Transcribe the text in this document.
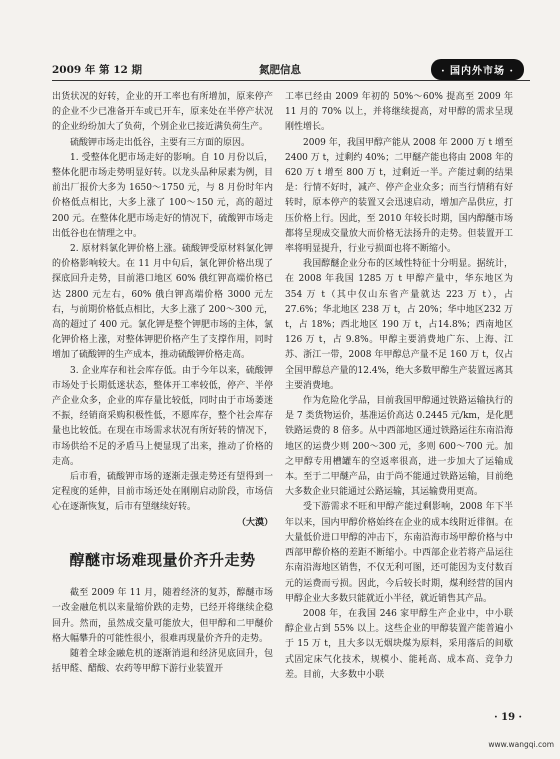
2009 年 第 12 期	氮肥信息	· 国内外市场 ·

出货状况的好转，企业的开工率也有所增加，原来停产的企业不少已准备开车或已开车，原来处在半停产状况的企业纷纷加大了负荷，个别企业已接近满负荷生产。

硫酸钾市场走出低谷，主要有三方面的原因。

1. 受整体化肥市场走好的影响。自 10 月份以后，整体化肥市场走势明显好转。以龙头品种尿素为例，目前出厂报价大多为 1650～1750 元，与 8 月份时年内价格低点相比，大多上涨了 100～150 元，高的超过 200 元。在整体化肥市场走好的情况下，硫酸钾市场走出低谷也在情理之中。

2. 原材料氯化钾价格上涨。硫酸钾受原材料氯化钾的价格影响较大。在 11 月中旬后，氯化钾价格出现了探底回升走势，目前港口地区 60% 俄红钾高端价格已达 2800 元左右，60% 俄白钾高端价格 3000 元左右，与前期价格低点相比，大多上涨了 200～300 元，高的超过了 400 元。氯化钾是整个钾肥市场的主体，氯化钾价格上涨，对整体钾肥价格产生了支撑作用，同时增加了硫酸钾的生产成本，推动硫酸钾价格走高。

3. 企业库存和社会库存低。由于今年以来，硫酸钾市场处于长期低迷状态，整体开工率较低，停产、半停产企业众多，企业的库存量比较低，同时由于市场萎迷不振，经销商采购积极性低，不愿库存，整个社会库存量也比较低。在现在市场需求状况有所好转的情况下，市场供给不足的矛盾马上便显现了出来，推动了价格的走高。

后市看，硫酸钾市场的逐渐走强走势还有望得到一定程度的延伸，目前市场还处在刚刚启动阶段，市场信心在逐渐恢复，后市有望继续好转。

（大漠）

醇醚市场难现量价齐升走势

截至 2009 年 11 月，随着经济的复苏，醇醚市场一改金融危机以来量缩价跌的走势，已经开将继续企稳回升。然而，虽然成交量可能放大，但甲醇和二甲醚价格大幅攀升的可能性很小，很难再现量价齐升的走势。

随着全球金融危机的逐渐消退和经济见底回升，包括甲醛、醋酸、农药等甲醇下游行业装置开

工率已经由 2009 年初的 50%～60% 提高至 2009 年 11 月的 70% 以上，并将继续提高，对甲醇的需求呈现刚性增长。

2009 年，我国甲醇产能从 2008 年 2000 万 t 增至 2400 万 t，过剩约 40%；二甲醚产能也将由 2008 年的 620 万 t 增至 800 万 t，过剩近一半。产能过剩的结果是：行情不好时，减产、停产企业众多；而当行情稍有好转时，原本停产的装置又会迅速启动，增加产品供应，打压价格上行。因此，至 2010 年较长时期，国内醇醚市场都将呈现成交量放大而价格无法扬升的走势。但装置开工率将明显提升，行业亏损面也将不断缩小。

我国醇醚企业分布的区域性特征十分明显。据统计，在 2008 年我国 1285 万 t 甲醇产量中，华东地区为 354 万 t（其中仅山东省产量就达 223 万 t），占 27.6%；华北地区 238 万 t，占 20%；华中地区232 万 t，占 18%；西北地区 190 万 t，占14.8%；西南地区 126 万 t，占 9.8%。甲醇主要消费地广东、上海、江苏、浙江一带，2008 年甲醇总产量不足 160 万 t，仅占全国甲醇总产量的12.4%，绝大多数甲醇生产装置远离其主要消费地。

作为危险化学品，目前我国甲醇通过铁路运输执行的是 7 类货物运价，基准运价高达 0.2445 元/km，是化肥铁路运费的 8 倍多。从中西部地区通过铁路运往东南沿海地区的运费少则 200～300 元，多则 600～700 元。加之甲醇专用槽罐车的空返率很高，进一步加大了运输成本。至于二甲醚产品，由于尚不能通过铁路运输，目前绝大多数企业只能通过公路运输，其运输费用更高。

受下游需求不旺和甲醇产能过剩影响，2008 年下半年以来，国内甲醇价格始终在企业的成本线附近徘徊。在大量低价进口甲醇的冲击下，东南沿海市场甲醇价格与中西部甲醇价格的差距不断缩小。中西部企业若将产品运往东南沿海地区销售，不仅无利可图，还可能因为支付数百元的运费而亏损。因此，今后较长时期，煤利经营的国内甲醇企业大多数只能就近小半径，就近销售其产品。

2008 年，在我国 246 家甲醇生产企业中，中小联醇企业占到 55% 以上。这些企业的甲醇装置产能普遍小于 15 万 t，且大多以无烟块煤为原料，采用落后的间歇式固定床气化技术，规模小、能耗高、成本高、竞争力差。目前，大多数中小联

· 19 ·
www.wangqi.com
